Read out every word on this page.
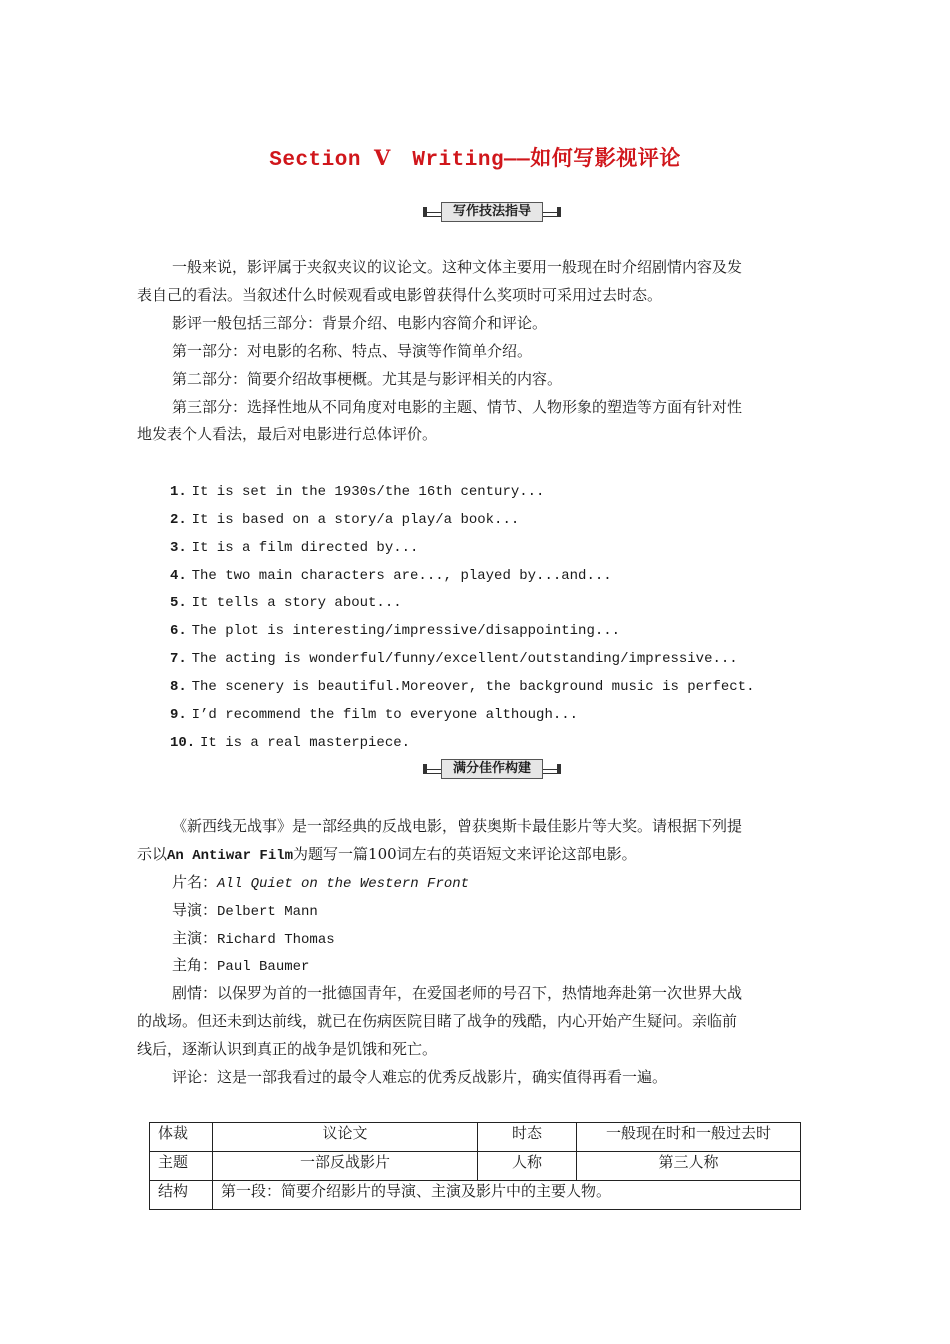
Section Ⅴ　Writing——如何写影视评论
写作技法指导
一般来说，影评属于夹叙夹议的议论文。这种文体主要用一般现在时介绍剧情内容及发
表自己的看法。当叙述什么时候观看或电影曾获得什么奖项时可采用过去时态。
影评一般包括三部分：背景介绍、电影内容简介和评论。
第一部分：对电影的名称、特点、导演等作简单介绍。
第二部分：简要介绍故事梗概。尤其是与影评相关的内容。
第三部分：选择性地从不同角度对电影的主题、情节、人物形象的塑造等方面有针对性
地发表个人看法，最后对电影进行总体评价。
1. It is set in the 1930s/the 16th century...
2. It is based on a story/a play/a book...
3. It is a film directed by...
4. The two main characters are..., played by...and...
5. It tells a story about...
6. The plot is interesting/impressive/disappointing...
7. The acting is wonderful/funny/excellent/outstanding/impressive...
8. The scenery is beautiful.Moreover, the background music is perfect.
9. I’d recommend the film to everyone although...
10. It is a real masterpiece.
满分佳作构建
《新西线无战事》是一部经典的反战电影，曾获奥斯卡最佳影片等大奖。请根据下列提
示以An Antiwar Film为题写一篇100词左右的英语短文来评论这部电影。
片名：All Quiet on the Western Front
导演：Delbert Mann
主演：Richard Thomas
主角：Paul Baumer
剧情：以保罗为首的一批德国青年，在爱国老师的号召下，热情地奔赴第一次世界大战
的战场。但还未到达前线，就已在伤病医院目睹了战争的残酷，内心开始产生疑问。亲临前
线后，逐渐认识到真正的战争是饥饿和死亡。
评论：这是一部我看过的最令人难忘的优秀反战影片，确实值得再看一遍。
体裁	议论文	时态	一般现在时和一般过去时
主题	一部反战影片	人称	第三人称
结构	第一段：简要介绍影片的导演、主演及影片中的主要人物。		
